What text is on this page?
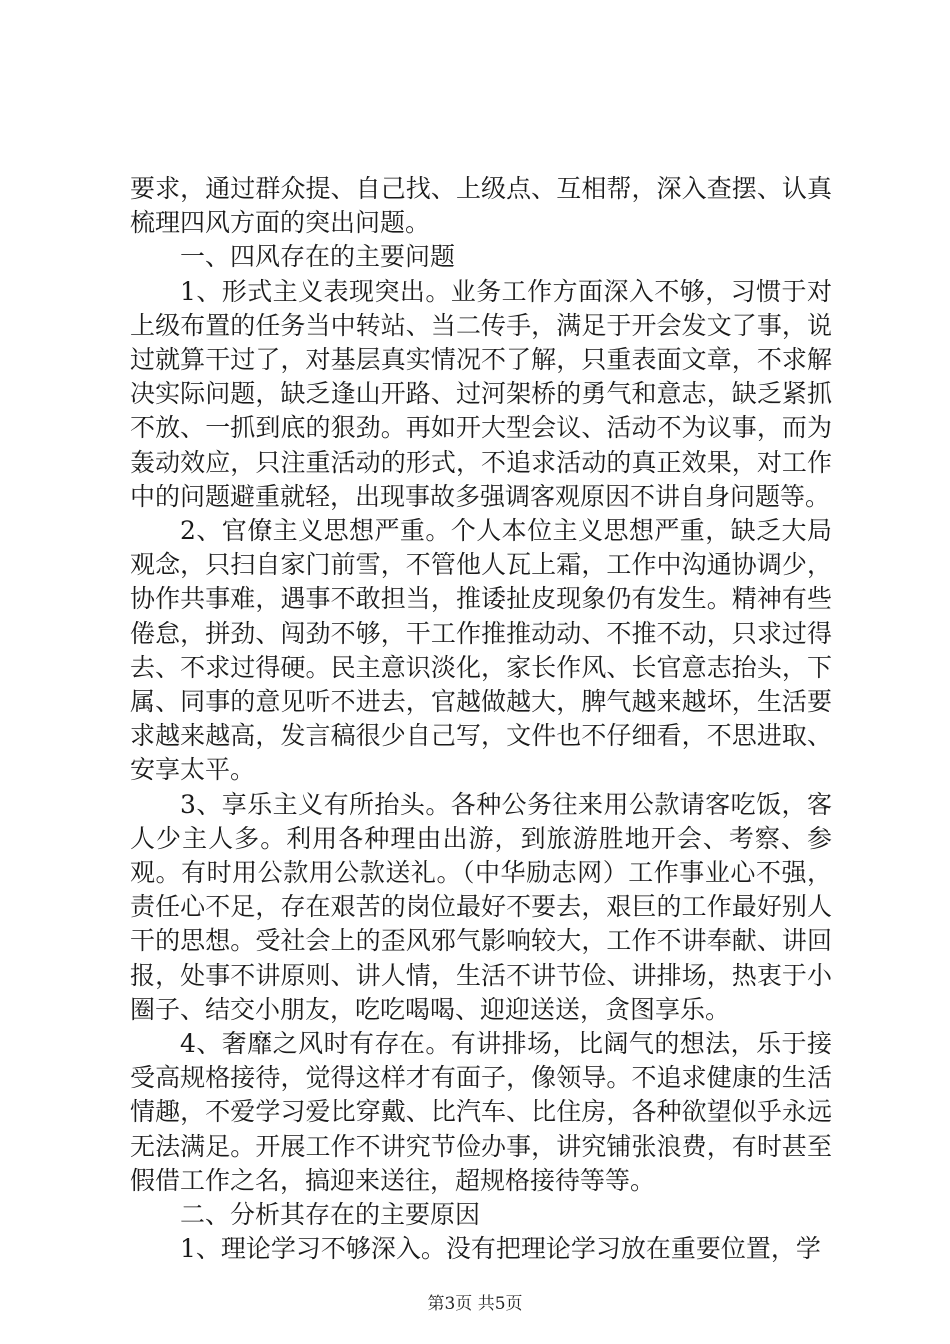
要求，通过群众提、自己找、上级点、互相帮，深入查摆、认真梳理四风方面的突出问题。

一、四风存在的主要问题

1、形式主义表现突出。业务工作方面深入不够，习惯于对上级布置的任务当中转站、当二传手，满足于开会发文了事，说过就算干过了，对基层真实情况不了解，只重表面文章，不求解决实际问题，缺乏逢山开路、过河架桥的勇气和意志，缺乏紧抓不放、一抓到底的狠劲。再如开大型会议、活动不为议事，而为轰动效应，只注重活动的形式，不追求活动的真正效果，对工作中的问题避重就轻，出现事故多强调客观原因不讲自身问题等。

2、官僚主义思想严重。个人本位主义思想严重，缺乏大局观念，只扫自家门前雪，不管他人瓦上霜，工作中沟通协调少，协作共事难，遇事不敢担当，推诿扯皮现象仍有发生。精神有些倦怠，拼劲、闯劲不够，干工作推推动动、不推不动，只求过得去、不求过得硬。民主意识淡化，家长作风、长官意志抬头，下属、同事的意见听不进去，官越做越大，脾气越来越坏，生活要求越来越高，发言稿很少自己写，文件也不仔细看，不思进取、安享太平。

3、享乐主义有所抬头。各种公务往来用公款请客吃饭，客人少主人多。利用各种理由出游，到旅游胜地开会、考察、参观。有时用公款用公款送礼。（中华励志网）工作事业心不强，责任心不足，存在艰苦的岗位最好不要去，艰巨的工作最好别人干的思想。受社会上的歪风邪气影响较大，工作不讲奉献、讲回报，处事不讲原则、讲人情，生活不讲节俭、讲排场，热衷于小圈子、结交小朋友，吃吃喝喝、迎迎送送，贪图享乐。

4、奢靡之风时有存在。有讲排场，比阔气的想法，乐于接受高规格接待，觉得这样才有面子，像领导。不追求健康的生活情趣，不爱学习爱比穿戴、比汽车、比住房，各种欲望似乎永远无法满足。开展工作不讲究节俭办事，讲究铺张浪费，有时甚至假借工作之名，搞迎来送往，超规格接待等等。

二、分析其存在的主要原因

1、理论学习不够深入。没有把理论学习放在重要位置，学

第3页 共5页
